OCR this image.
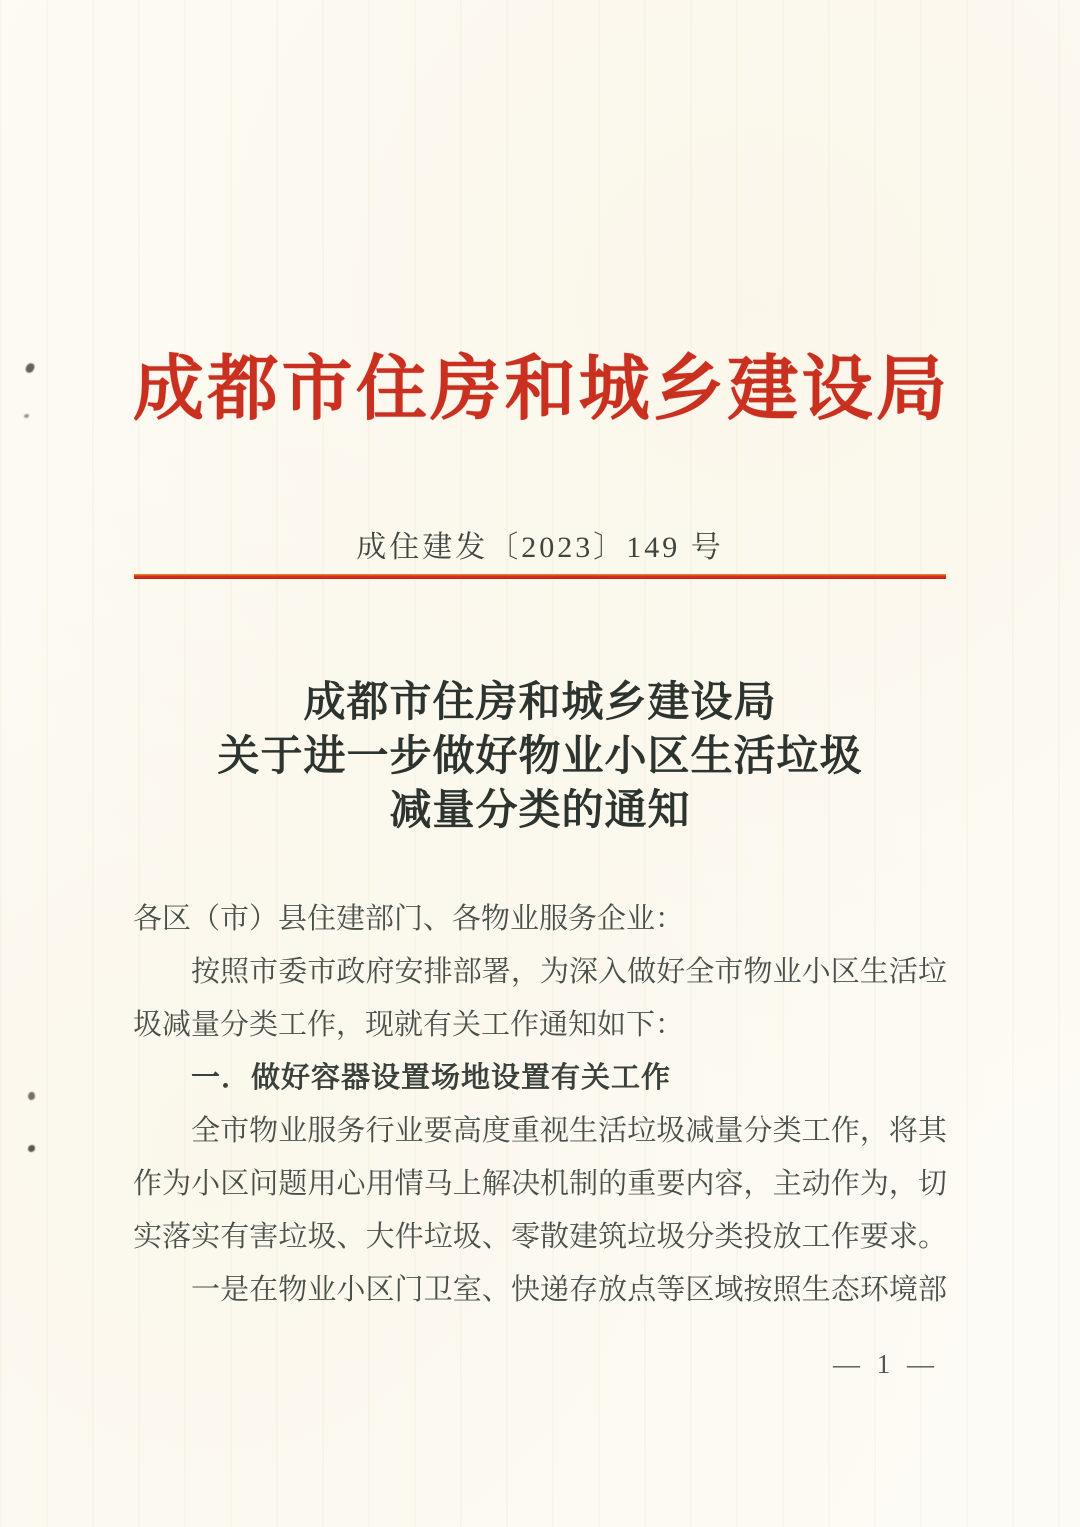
成都市住房和城乡建设局
成住建发〔2023〕149 号
成都市住房和城乡建设局
关于进一步做好物业小区生活垃圾
减量分类的通知
各区（市）县住建部门、各物业服务企业：
按照市委市政府安排部署，为深入做好全市物业小区生活垃
圾减量分类工作，现就有关工作通知如下：
一．做好容器设置场地设置有关工作
全市物业服务行业要高度重视生活垃圾减量分类工作，将其
作为小区问题用心用情马上解决机制的重要内容，主动作为，切
实落实有害垃圾、大件垃圾、零散建筑垃圾分类投放工作要求。
一是在物业小区门卫室、快递存放点等区域按照生态环境部
— 1 —
